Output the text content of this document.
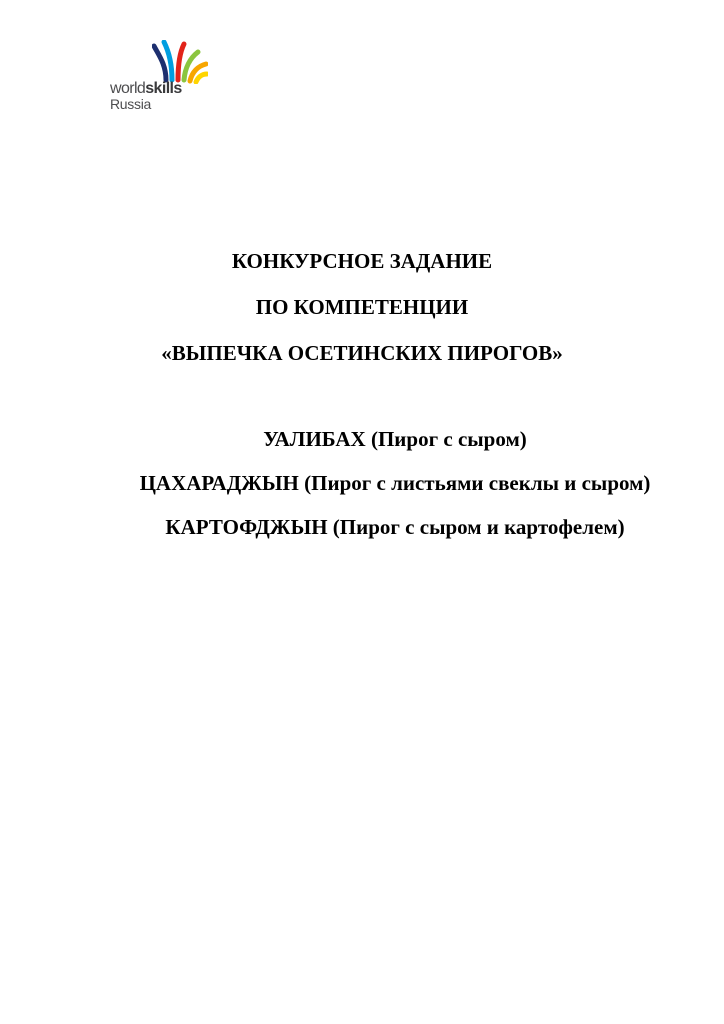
worldskills
Russia
КОНКУРСНОЕ ЗАДАНИЕ
ПО КОМПЕТЕНЦИИ
«ВЫПЕЧКА ОСЕТИНСКИХ ПИРОГОВ»
УАЛИБАХ (Пирог с сыром)
ЦАХАРАДЖЫН (Пирог с листьями свеклы и сыром)
КАРТОФДЖЫН (Пирог с сыром и картофелем)
